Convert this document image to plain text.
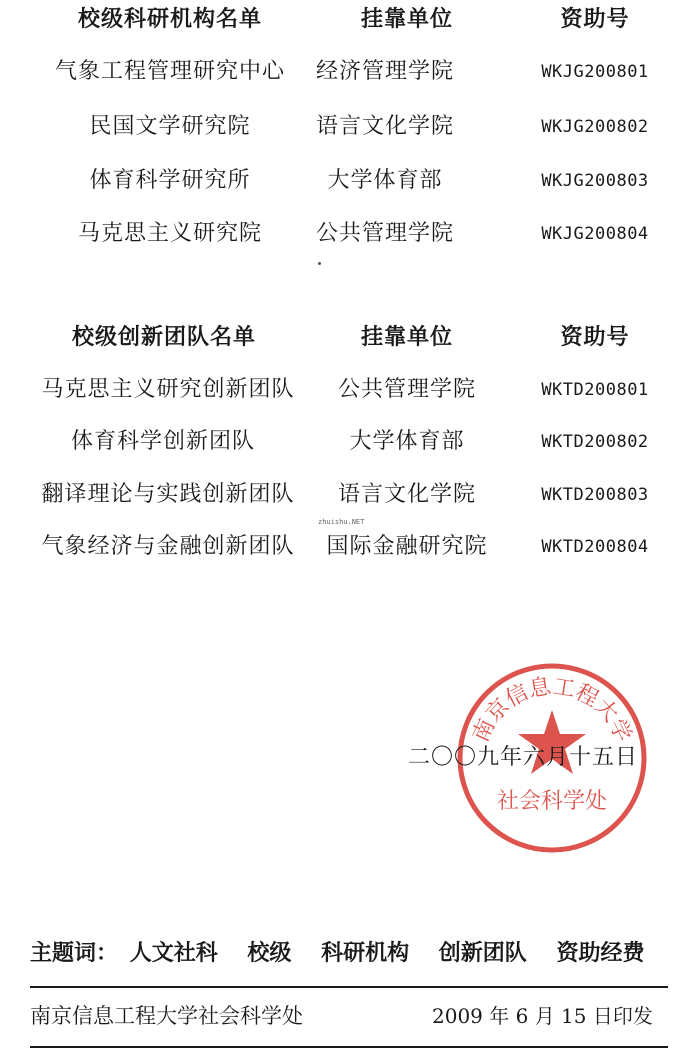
校级科研机构名单	挂靠单位	资助号
气象工程管理研究中心	经济管理学院	WKJG200801
民国文学研究院	语言文化学院	WKJG200802
体育科学研究所	大学体育部	WKJG200803
马克思主义研究院	公共管理学院	WKJG200804
校级创新团队名单	挂靠单位	资助号
马克思主义研究创新团队	公共管理学院	WKTD200801
体育科学创新团队	大学体育部	WKTD200802
翻译理论与实践创新团队	语言文化学院	WKTD200803
气象经济与金融创新团队	国际金融研究院	WKTD200804
zhuishu.NET
南京信息工程大学
社会科学处
二〇〇九年六月十五日
主题词： 人文社科 校级 科研机构 创新团队 资助经费
南京信息工程大学社会科学处	2009 年 6 月 15 日印发
